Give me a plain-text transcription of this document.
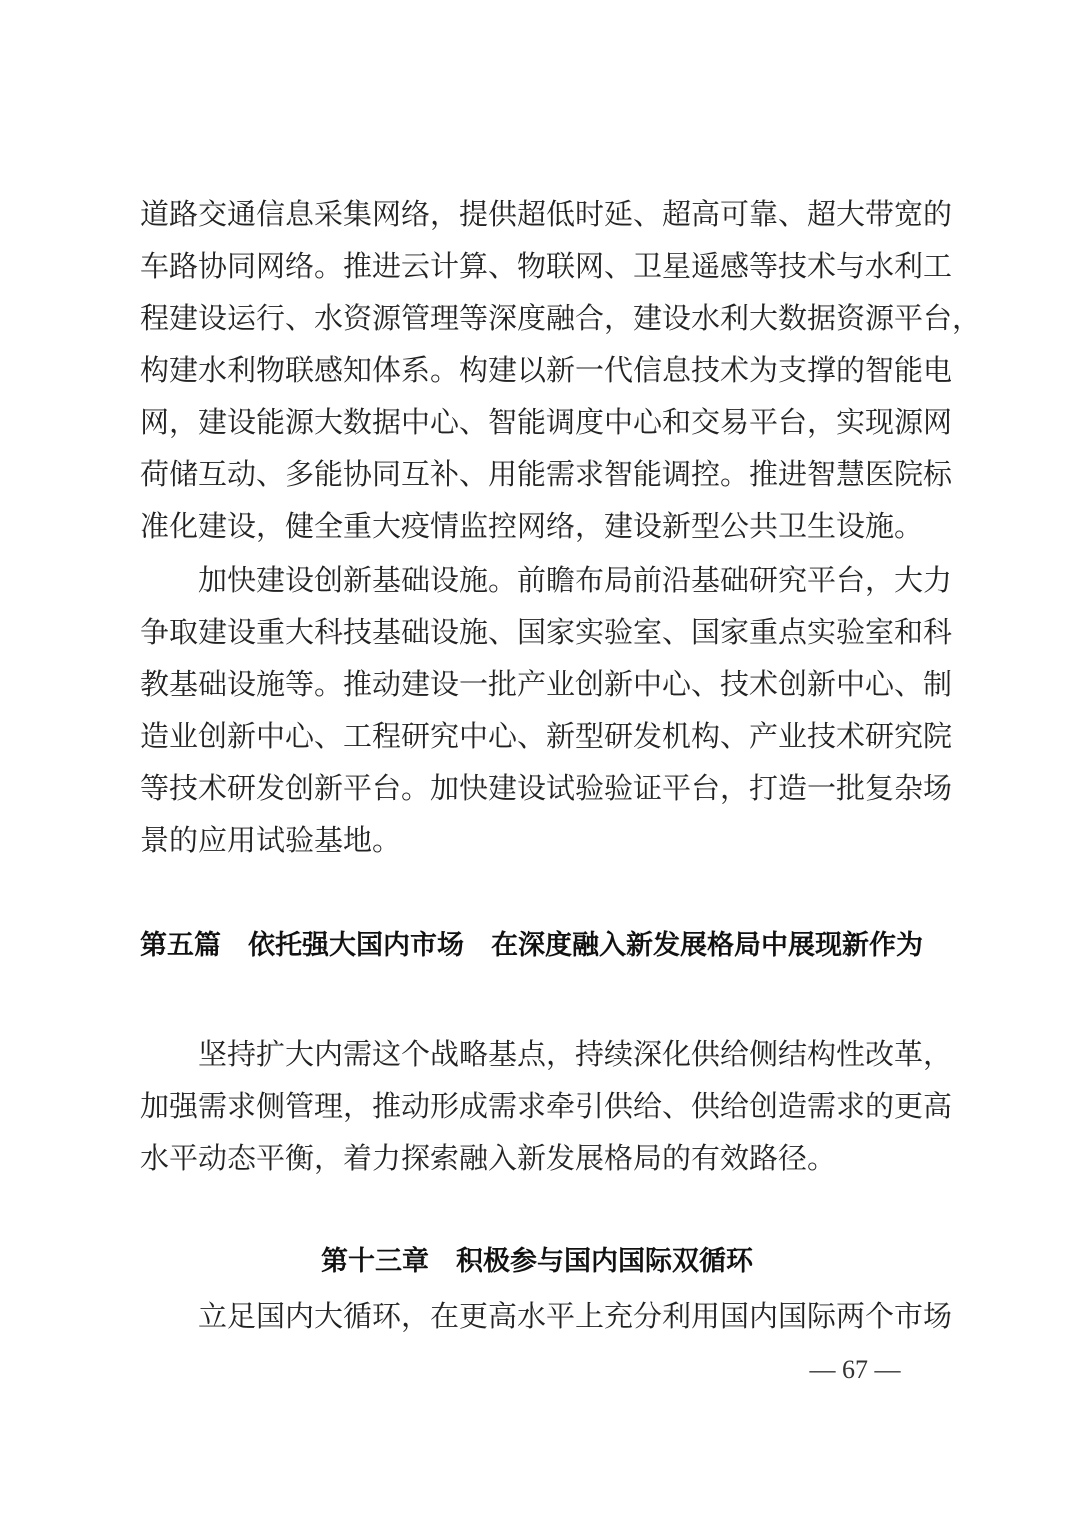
道路交通信息采集网络，提供超低时延、超高可靠、超大带宽的
车路协同网络。推进云计算、物联网、卫星遥感等技术与水利工
程建设运行、水资源管理等深度融合，建设水利大数据资源平台，
构建水利物联感知体系。构建以新一代信息技术为支撑的智能电
网，建设能源大数据中心、智能调度中心和交易平台，实现源网
荷储互动、多能协同互补、用能需求智能调控。推进智慧医院标
准化建设，健全重大疫情监控网络，建设新型公共卫生设施。
加快建设创新基础设施。前瞻布局前沿基础研究平台，大力
争取建设重大科技基础设施、国家实验室、国家重点实验室和科
教基础设施等。推动建设一批产业创新中心、技术创新中心、制
造业创新中心、工程研究中心、新型研发机构、产业技术研究院
等技术研发创新平台。加快建设试验验证平台，打造一批复杂场
景的应用试验基地。
第五篇　依托强大国内市场　在深度融入新发展格局中展现新作为
坚持扩大内需这个战略基点，持续深化供给侧结构性改革，
加强需求侧管理，推动形成需求牵引供给、供给创造需求的更高
水平动态平衡，着力探索融入新发展格局的有效路径。
第十三章　积极参与国内国际双循环
立足国内大循环，在更高水平上充分利用国内国际两个市场
— 67 —
